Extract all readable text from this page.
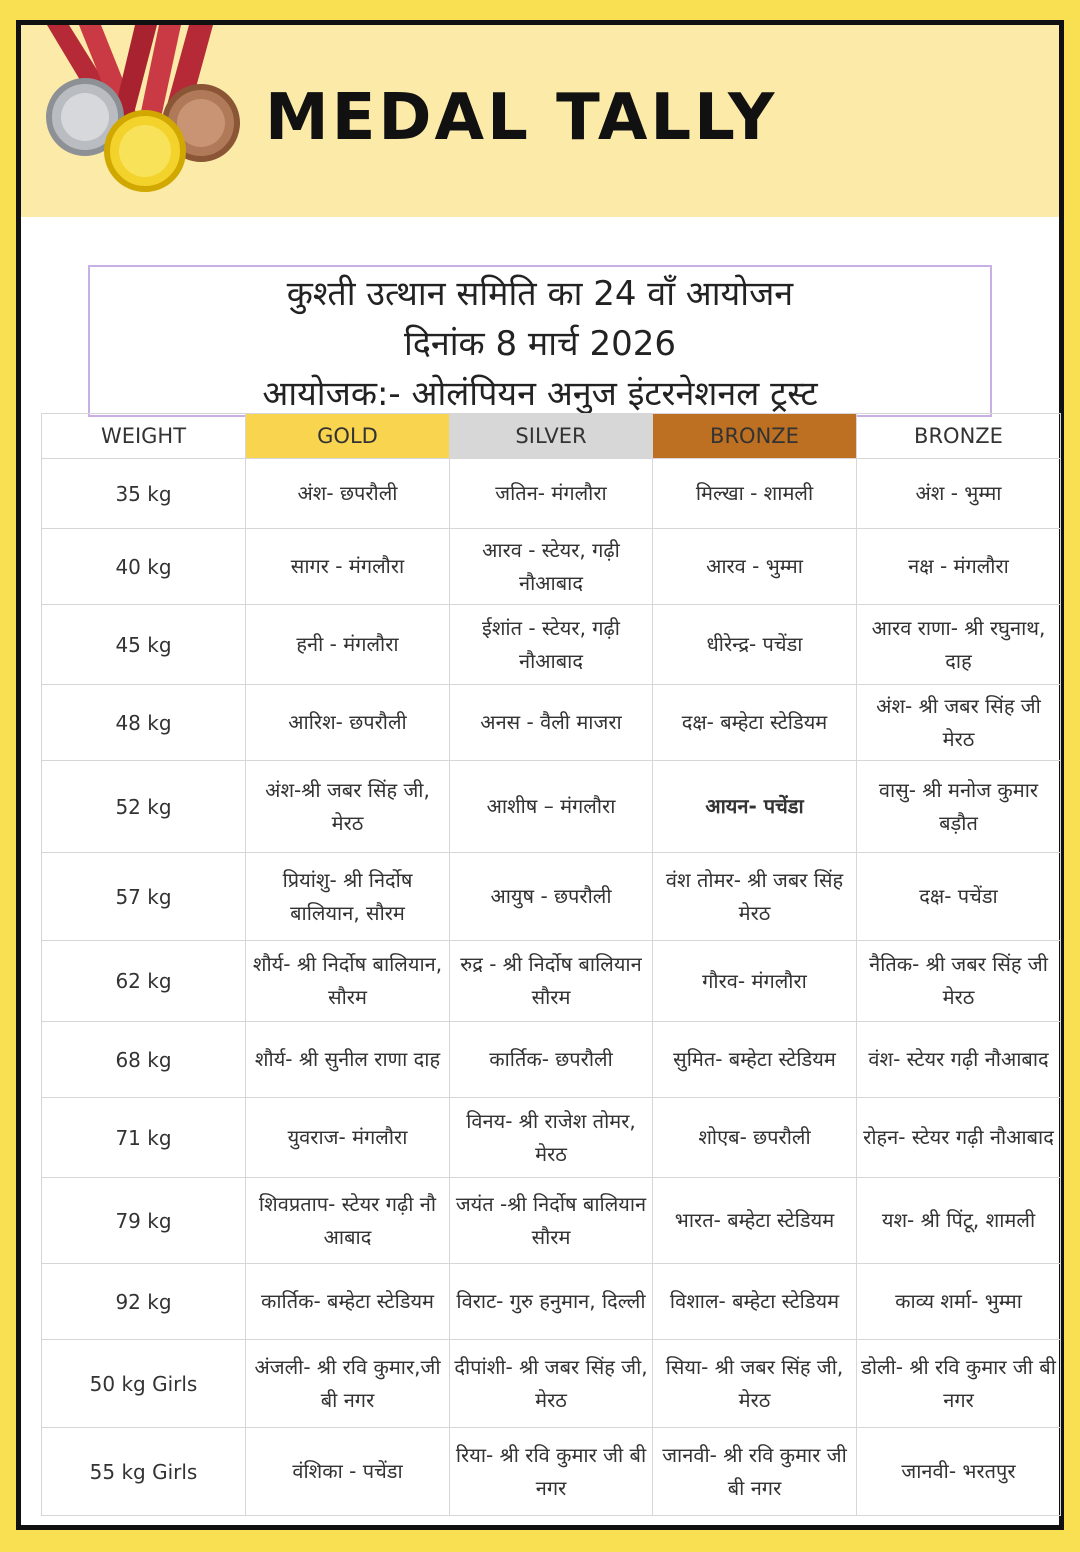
MEDAL TALLY
कुश्ती उत्थान समिति का 24 वाँ आयोजन
दिनांक 8 मार्च 2026
आयोजक:- ओलंपियन अनुज इंटरनेशनल ट्रस्ट
WEIGHT	GOLD	SILVER	BRONZE	BRONZE
35 kg	अंश- छपरौली	जतिन- मंगलौरा	मिल्खा - शामली	अंश - भुम्मा
40 kg	सागर - मंगलौरा	आरव - स्टेयर, गढ़ी नौआबाद	आरव - भुम्मा	नक्ष - मंगलौरा
45 kg	हनी - मंगलौरा	ईशांत - स्टेयर, गढ़ी नौआबाद	धीरेन्द्र- पचेंडा	आरव राणा- श्री रघुनाथ, दाह
48 kg	आरिश- छपरौली	अनस - वैली माजरा	दक्ष- बम्हेटा स्टेडियम	अंश- श्री जबर सिंह जी मेरठ
52 kg	अंश-श्री जबर सिंह जी, मेरठ	आशीष – मंगलौरा	आयन- पचेंडा	वासु- श्री मनोज कुमार बड़ौत
57 kg	प्रियांशु- श्री निर्दोष बालियान, सौरम	आयुष - छपरौली	वंश तोमर- श्री जबर सिंह मेरठ	दक्ष- पचेंडा
62 kg	शौर्य- श्री निर्दोष बालियान, सौरम	रुद्र - श्री निर्दोष बालियान सौरम	गौरव- मंगलौरा	नैतिक- श्री जबर सिंह जी मेरठ
68 kg	शौर्य- श्री सुनील राणा दाह	कार्तिक- छपरौली	सुमित- बम्हेटा स्टेडियम	वंश- स्टेयर गढ़ी नौआबाद
71 kg	युवराज- मंगलौरा	विनय- श्री राजेश तोमर, मेरठ	शोएब- छपरौली	रोहन- स्टेयर गढ़ी नौआबाद
79 kg	शिवप्रताप- स्टेयर गढ़ी नौ आबाद	जयंत -श्री निर्दोष बालियान सौरम	भारत- बम्हेटा स्टेडियम	यश- श्री पिंटू, शामली
92 kg	कार्तिक- बम्हेटा स्टेडियम	विराट- गुरु हनुमान, दिल्ली	विशाल- बम्हेटा स्टेडियम	काव्य शर्मा- भुम्मा
50 kg Girls	अंजली- श्री रवि कुमार,जी बी नगर	दीपांशी- श्री जबर सिंह जी, मेरठ	सिया- श्री जबर सिंह जी, मेरठ	डोली- श्री रवि कुमार जी बी नगर
55 kg Girls	वंशिका - पचेंडा	रिया- श्री रवि कुमार जी बी नगर	जानवी- श्री रवि कुमार जी बी नगर	जानवी- भरतपुर
